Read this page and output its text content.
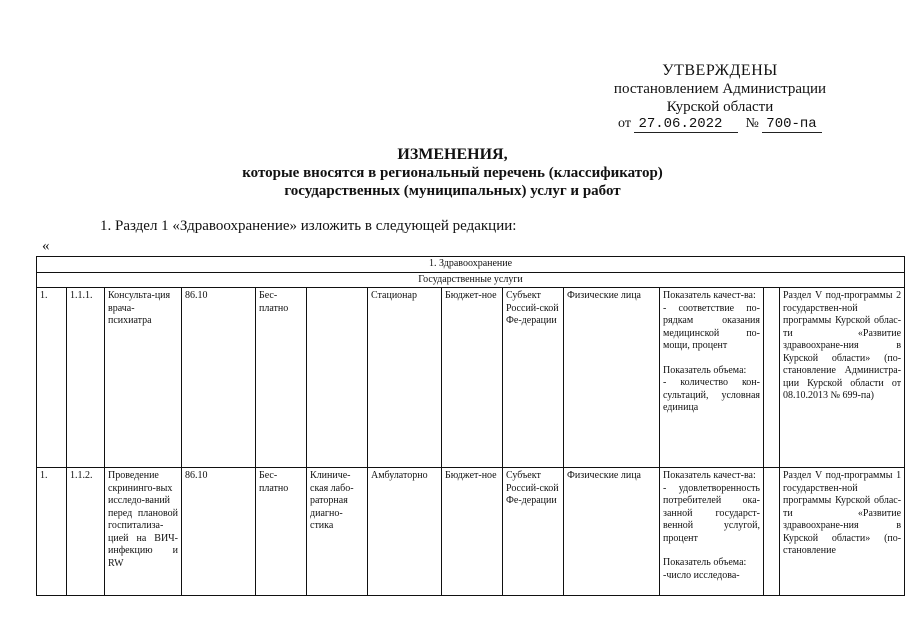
УТВЕРЖДЕНЫ
постановлением Администрации
Курской области
от 27.06.2022 № 700-па
ИЗМЕНЕНИЯ,
которые вносятся в региональный перечень (классификатор)
государственных (муниципальных) услуг и работ
1. Раздел 1 «Здравоохранение» изложить в следующей редакции:
«
1. Здравоохранение												
Государственные услуги												
1.	1.1.1.	Консульта-ция врача-психиатра	86.10	Бес-платно		Стационар	Бюджет-ное	Субъект Россий-ской Фе-дерации	Физические лица	Показатель качест-ва:
- соответствие по-рядкам оказания медицинской по-мощи, процент
Показатель объема:
- количество кон-сультаций, условная единица		Раздел V под-программы 2 государствен-ной программы Курской облас-ти «Развитие здравоохране-ния в Курской области» (по-становление Администра-ции Курской области от 08.10.2013 № 699-па)
1.	1.1.2.	Проведение скрининго-вых исследо-ваний перед плановой госпитализа-цией на ВИЧ-инфекцию и RW	86.10	Бес-платно	Клиниче-ская лабо-раторная диагно-стика	Амбулаторно	Бюджет-ное	Субъект Россий-ской Фе-дерации	Физические лица	Показатель качест-ва:
- удовлетворенность потребителей ока-занной государст-венной услугой, процент
Показатель объема:
-число исследова-		Раздел V под-программы 1 государствен-ной программы Курской облас-ти «Развитие здравоохране-ния в Курской области» (по-становление
